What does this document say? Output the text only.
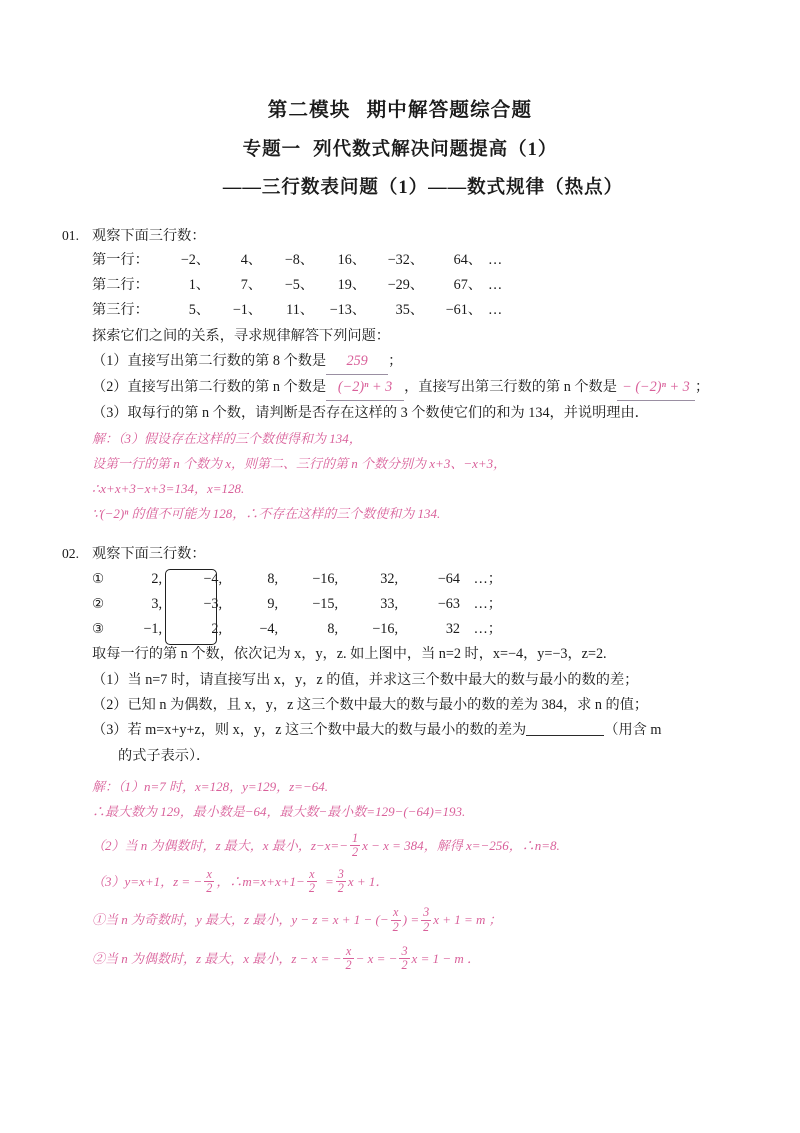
第二模块 期中解答题综合题
专题一 列代数式解决问题提高（1）
——三行数表问题（1）——数式规律（热点）
01. 观察下面三行数：
第一行：	−2、	4、	−8、	16、	−32、	64、 …
第二行：	1、	7、	−5、	19、	−29、	67、 …
第三行：	5、	−1、	11、	−13、	35、	−61、 …
探索它们之间的关系，寻求规律解答下列问题：
（1）直接写出第二行数的第 8 个数是 259 ；
（2）直接写出第二行数的第 n 个数是 (−2)ⁿ + 3 ，直接写出第三行数的第 n 个数是 − (−2)ⁿ + 3 ；
（3）取每行的第 n 个数，请判断是否存在这样的 3 个数使它们的和为 134，并说明理由．
解：（3）假设存在这样的三个数使得和为 134，
设第一行的第 n 个数为 x，则第二、三行的第 n 个数分别为 x+3、−x+3，
∴x+x+3−x+3=134，x=128.
∵(−2)ⁿ 的值不可能为 128，∴不存在这样的三个数使和为 134.
02. 观察下面三行数：
①	2,	−4,	8,	−16,	32,	−64	…；
②	3,	−3,	9,	−15,	33,	−63	…；
③	−1,	2,	−4,	8,	−16,	32	…；
取每一行的第 n 个数，依次记为 x，y，z. 如上图中，当 n=2 时，x=−4，y=−3，z=2.
（1）当 n=7 时，请直接写出 x，y，z 的值，并求这三个数中最大的数与最小的数的差；
（2）已知 n 为偶数，且 x，y，z 这三个数中最大的数与最小的数的差为 384，求 n 的值；
（3）若 m=x+y+z，则 x，y，z 这三个数中最大的数与最小的数的差为	（用含 m
的式子表示）．
解：（1）n=7 时，x=128，y=129，z=−64.
∴最大数为 129，最小数是−64，最大数−最小数=129−(−64)=193.
（2）当 n 为偶数时，z 最大，x 最小，$z-x=- \frac{1}{2}$ x − x = 384，解得 x=−256，∴n=8.
（3）y=x+1，z = − $\frac{x}{2}$ ，∴m=x+x+1− $\frac{x}{2} = \frac{3}{2}$ x + 1．
①当 n 为奇数时，y 最大，z 最小，y − z = x + 1 − (− $\frac{x}{2}$ ) = $\frac{3}{2}$ x + 1 = m ；
②当 n 为偶数时，z 最大，x 最小，z − x = − $\frac{x}{2} - x$ = − $\frac{3}{2}$ x = 1 − m ．
